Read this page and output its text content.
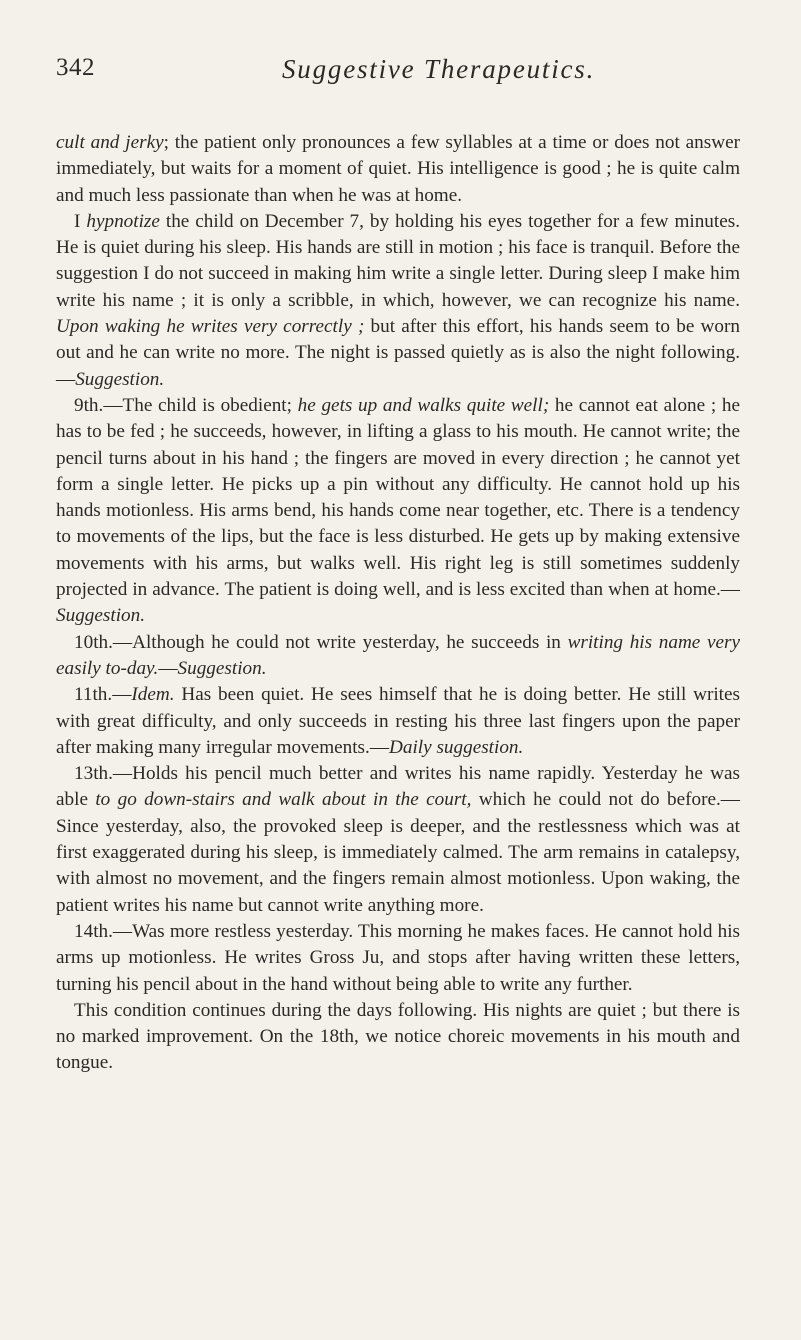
342	Suggestive Therapeutics.

cult and jerky; the patient only pronounces a few syllables at a time or does not answer immediately, but waits for a moment of quiet. His intelligence is good ; he is quite calm and much less passionate than when he was at home.

I hypnotize the child on December 7, by holding his eyes together for a few minutes. He is quiet during his sleep. His hands are still in motion ; his face is tranquil. Before the suggestion I do not succeed in making him write a single letter. During sleep I make him write his name ; it is only a scribble, in which, however, we can recognize his name. Upon waking he writes very correctly ; but after this effort, his hands seem to be worn out and he can write no more. The night is passed quietly as is also the night following.—Suggestion.

9th.—The child is obedient; he gets up and walks quite well; he cannot eat alone ; he has to be fed ; he succeeds, however, in lifting a glass to his mouth. He cannot write; the pencil turns about in his hand ; the fingers are moved in every direction ; he cannot yet form a single letter. He picks up a pin without any difficulty. He cannot hold up his hands motionless. His arms bend, his hands come near together, etc. There is a tendency to movements of the lips, but the face is less disturbed. He gets up by making extensive movements with his arms, but walks well. His right leg is still sometimes suddenly projected in advance. The patient is doing well, and is less excited than when at home.—Suggestion.

10th.—Although he could not write yesterday, he succeeds in writing his name very easily to-day.—Suggestion.

11th.—Idem. Has been quiet. He sees himself that he is doing better. He still writes with great difficulty, and only succeeds in resting his three last fingers upon the paper after making many irregular movements.—Daily suggestion.

13th.—Holds his pencil much better and writes his name rapidly. Yesterday he was able to go down-stairs and walk about in the court, which he could not do before.—Since yesterday, also, the provoked sleep is deeper, and the restlessness which was at first exaggerated during his sleep, is immediately calmed. The arm remains in catalepsy, with almost no movement, and the fingers remain almost motionless. Upon waking, the patient writes his name but cannot write anything more.

14th.—Was more restless yesterday. This morning he makes faces. He cannot hold his arms up motionless. He writes Gross Ju, and stops after having written these letters, turning his pencil about in the hand without being able to write any further.

This condition continues during the days following. His nights are quiet ; but there is no marked improvement. On the 18th, we notice choreic movements in his mouth and tongue.
